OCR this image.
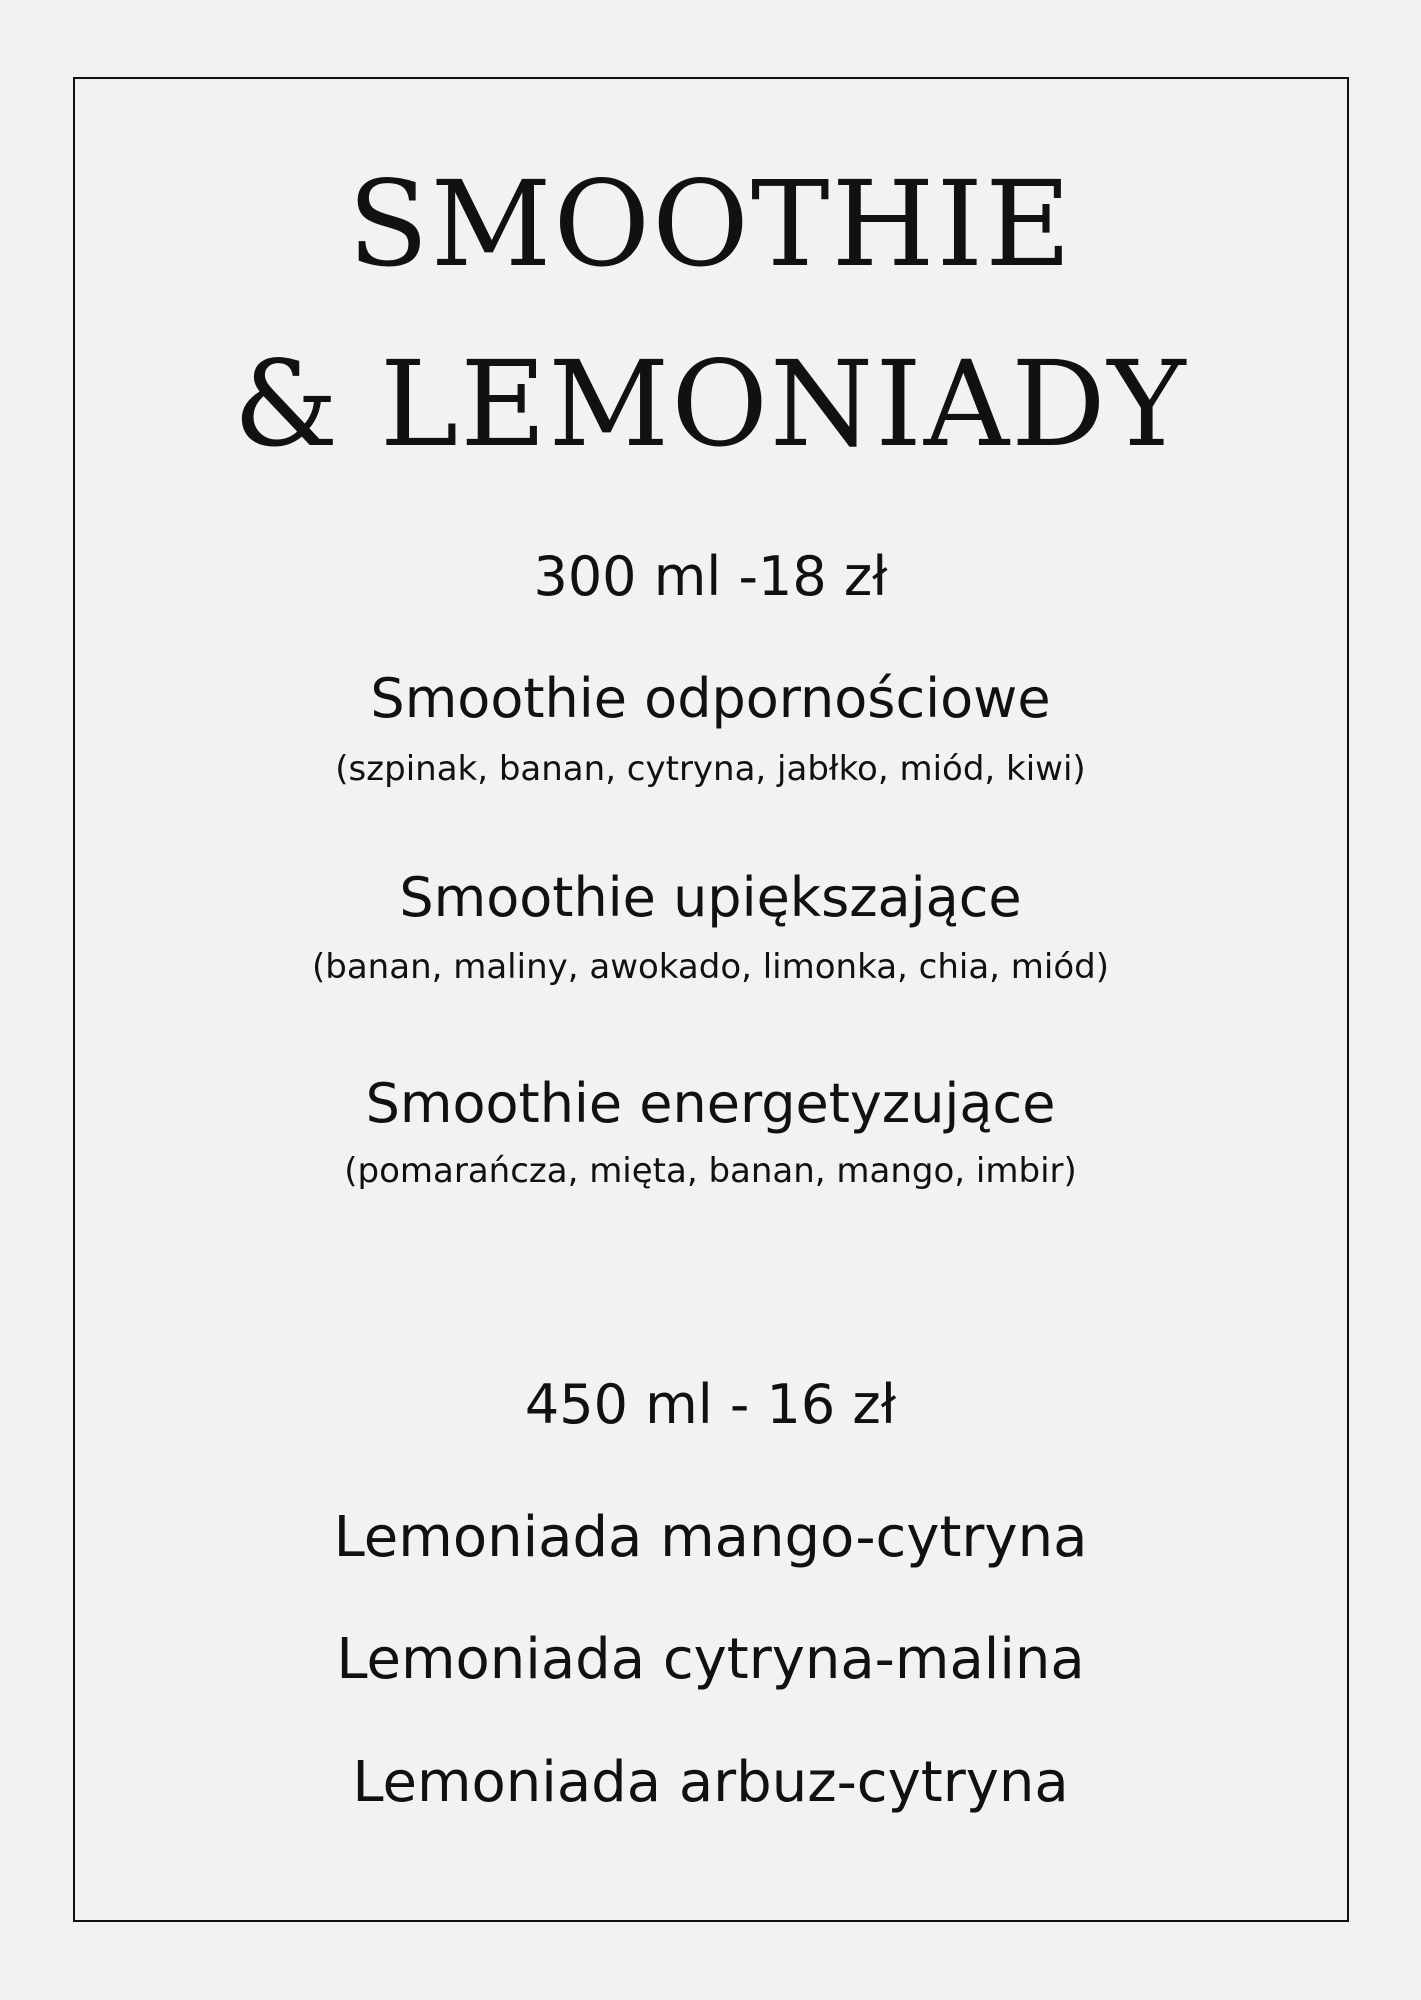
SMOOTHIE
& LEMONIADY
300 ml -18 zł
Smoothie odpornościowe
(szpinak, banan, cytryna, jabłko, miód, kiwi)
Smoothie upiększające
(banan, maliny, awokado, limonka, chia, miód)
Smoothie energetyzujące
(pomarańcza, mięta, banan, mango, imbir)
450 ml - 16 zł
Lemoniada mango-cytryna
Lemoniada cytryna-malina
Lemoniada arbuz-cytryna
